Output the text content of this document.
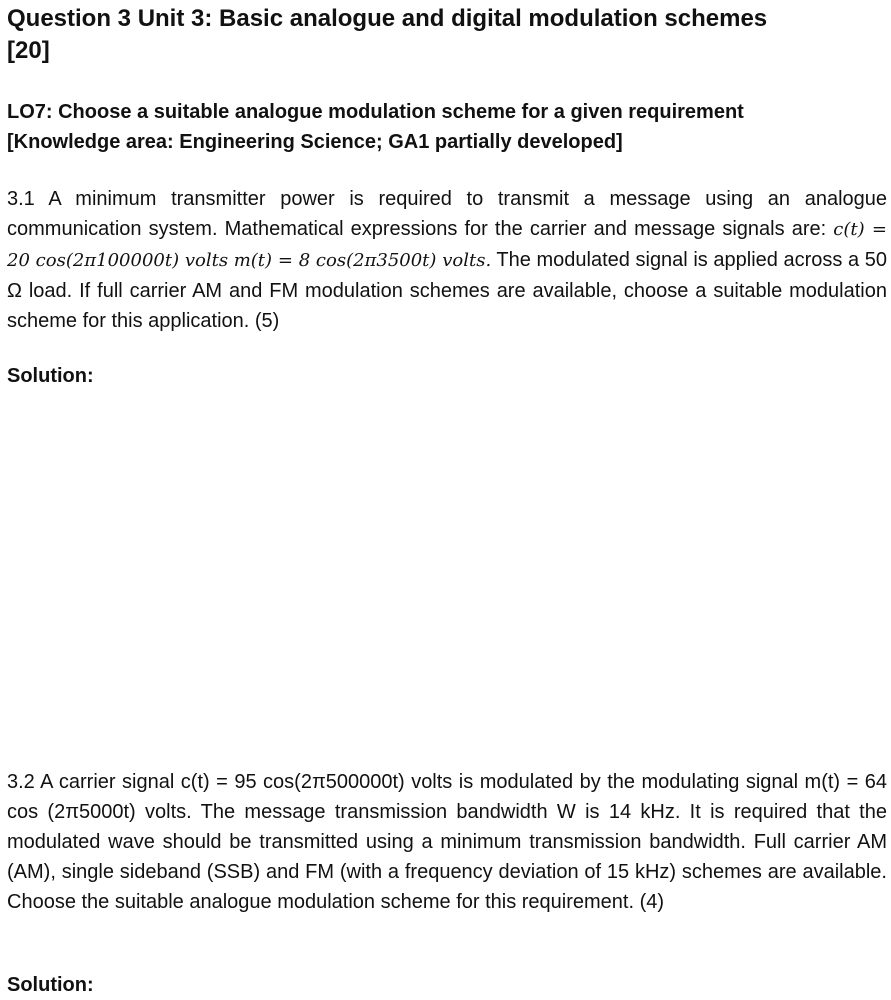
Question 3 Unit 3: Basic analogue and digital modulation schemes
[20]
LO7: Choose a suitable analogue modulation scheme for a given requirement
[Knowledge area: Engineering Science; GA1 partially developed]

3.1 A minimum transmitter power is required to transmit a message using an analogue communication system. Mathematical expressions for the carrier and message signals are: c(t) = 20 cos(2π100000t) volts m(t) = 8 cos(2π3500t) volts. The modulated signal is applied across a 50 Ω load. If full carrier AM and FM modulation schemes are available, choose a suitable modulation scheme for this application. (5)

Solution:

3.2 A carrier signal c(t) = 95 cos(2π500000t) volts is modulated by the modulating signal m(t) = 64 cos (2π5000t) volts. The message transmission bandwidth W is 14 kHz. It is required that the modulated wave should be transmitted using a minimum transmission bandwidth. Full carrier AM (AM), single sideband (SSB) and FM (with a frequency deviation of 15 kHz) schemes are available. Choose the suitable analogue modulation scheme for this requirement. (4)

Solution:
